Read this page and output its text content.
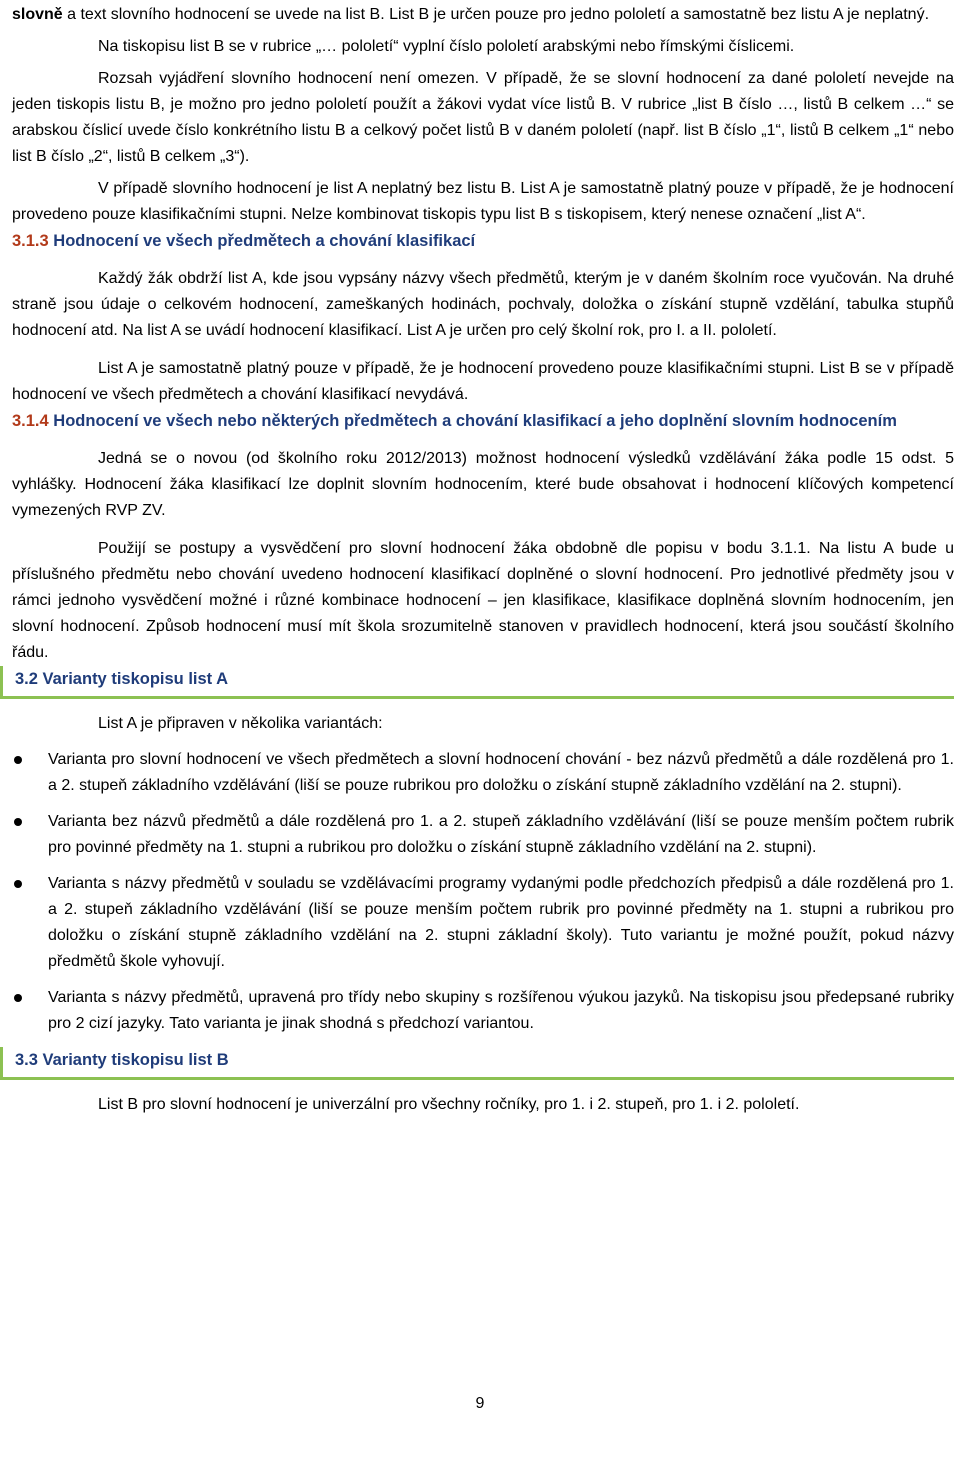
slovně a text slovního hodnocení se uvede na list B. List B je určen pouze pro jedno pololetí a samostatně bez listu A je neplatný.

Na tiskopisu list B se v rubrice „… pololetí“ vyplní číslo pololetí arabskými nebo římskými číslicemi.

Rozsah vyjádření slovního hodnocení není omezen. V případě, že se slovní hodnocení za dané pololetí nevejde na jeden tiskopis listu B, je možno pro jedno pololetí použít a žákovi vydat více listů B. V rubrice „list B číslo …, listů B celkem …“ se arabskou číslicí uvede číslo konkrétního listu B a celkový počet listů B v daném pololetí (např. list B číslo „1“, listů B celkem „1“ nebo list B číslo „2“, listů B celkem „3“).

V případě slovního hodnocení je list A neplatný bez listu B. List A je samostatně platný pouze v případě, že je hodnocení provedeno pouze klasifikačními stupni. Nelze kombinovat tiskopis typu list B s tiskopisem, který nenese označení „list A“.

3.1.3 Hodnocení ve všech předmětech a chování klasifikací

Každý žák obdrží list A, kde jsou vypsány názvy všech předmětů, kterým je v daném školním roce vyučován. Na druhé straně jsou údaje o celkovém hodnocení, zameškaných hodinách, pochvaly, doložka o získání stupně vzdělání, tabulka stupňů hodnocení atd. Na list A se uvádí hodnocení klasifikací. List A je určen pro celý školní rok, pro I. a II. pololetí.

List A je samostatně platný pouze v případě, že je hodnocení provedeno pouze klasifikačními stupni. List B se v případě hodnocení ve všech předmětech a chování klasifikací nevydává.

3.1.4 Hodnocení ve všech nebo některých předmětech a chování klasifikací a jeho doplnění slovním hodnocením

Jedná se o novou (od školního roku 2012/2013) možnost hodnocení výsledků vzdělávání žáka podle 15 odst. 5 vyhlášky. Hodnocení žáka klasifikací lze doplnit slovním hodnocením, které bude obsahovat i hodnocení klíčových kompetencí vymezených RVP ZV.

Použijí se postupy a vysvědčení pro slovní hodnocení žáka obdobně dle popisu v bodu 3.1.1. Na listu A bude u příslušného předmětu nebo chování uvedeno hodnocení klasifikací doplněné o slovní hodnocení. Pro jednotlivé předměty jsou v rámci jednoho vysvědčení možné i různé kombinace hodnocení – jen klasifikace, klasifikace doplněná slovním hodnocením, jen slovní hodnocení. Způsob hodnocení musí mít škola srozumitelně stanoven v pravidlech hodnocení, která jsou součástí školního řádu.

3.2 Varianty tiskopisu list A

List A je připraven v několika variantách:

Varianta pro slovní hodnocení ve všech předmětech a slovní hodnocení chování - bez názvů předmětů a dále rozdělená pro 1. a 2. stupeň základního vzdělávání (liší se pouze rubrikou pro doložku o získání stupně základního vzdělání na 2. stupni).
Varianta bez názvů předmětů a dále rozdělená pro 1. a 2. stupeň základního vzdělávání (liší se pouze menším počtem rubrik pro povinné předměty na 1. stupni a rubrikou pro doložku o získání stupně základního vzdělání na 2. stupni).
Varianta s názvy předmětů v souladu se vzdělávacími programy vydanými podle předchozích předpisů a dále rozdělená pro 1. a 2. stupeň základního vzdělávání (liší se pouze menším počtem rubrik pro povinné předměty na 1. stupni a rubrikou pro doložku o získání stupně základního vzdělání na 2. stupni základní školy). Tuto variantu je možné použít, pokud názvy předmětů škole vyhovují.
Varianta s názvy předmětů, upravená pro třídy nebo skupiny s rozšířenou výukou jazyků. Na tiskopisu jsou předepsané rubriky pro 2 cizí jazyky. Tato varianta je jinak shodná s předchozí variantou.
3.3 Varianty tiskopisu list B

List B pro slovní hodnocení je univerzální pro všechny ročníky, pro 1. i 2. stupeň, pro 1. i 2. pololetí.

9
